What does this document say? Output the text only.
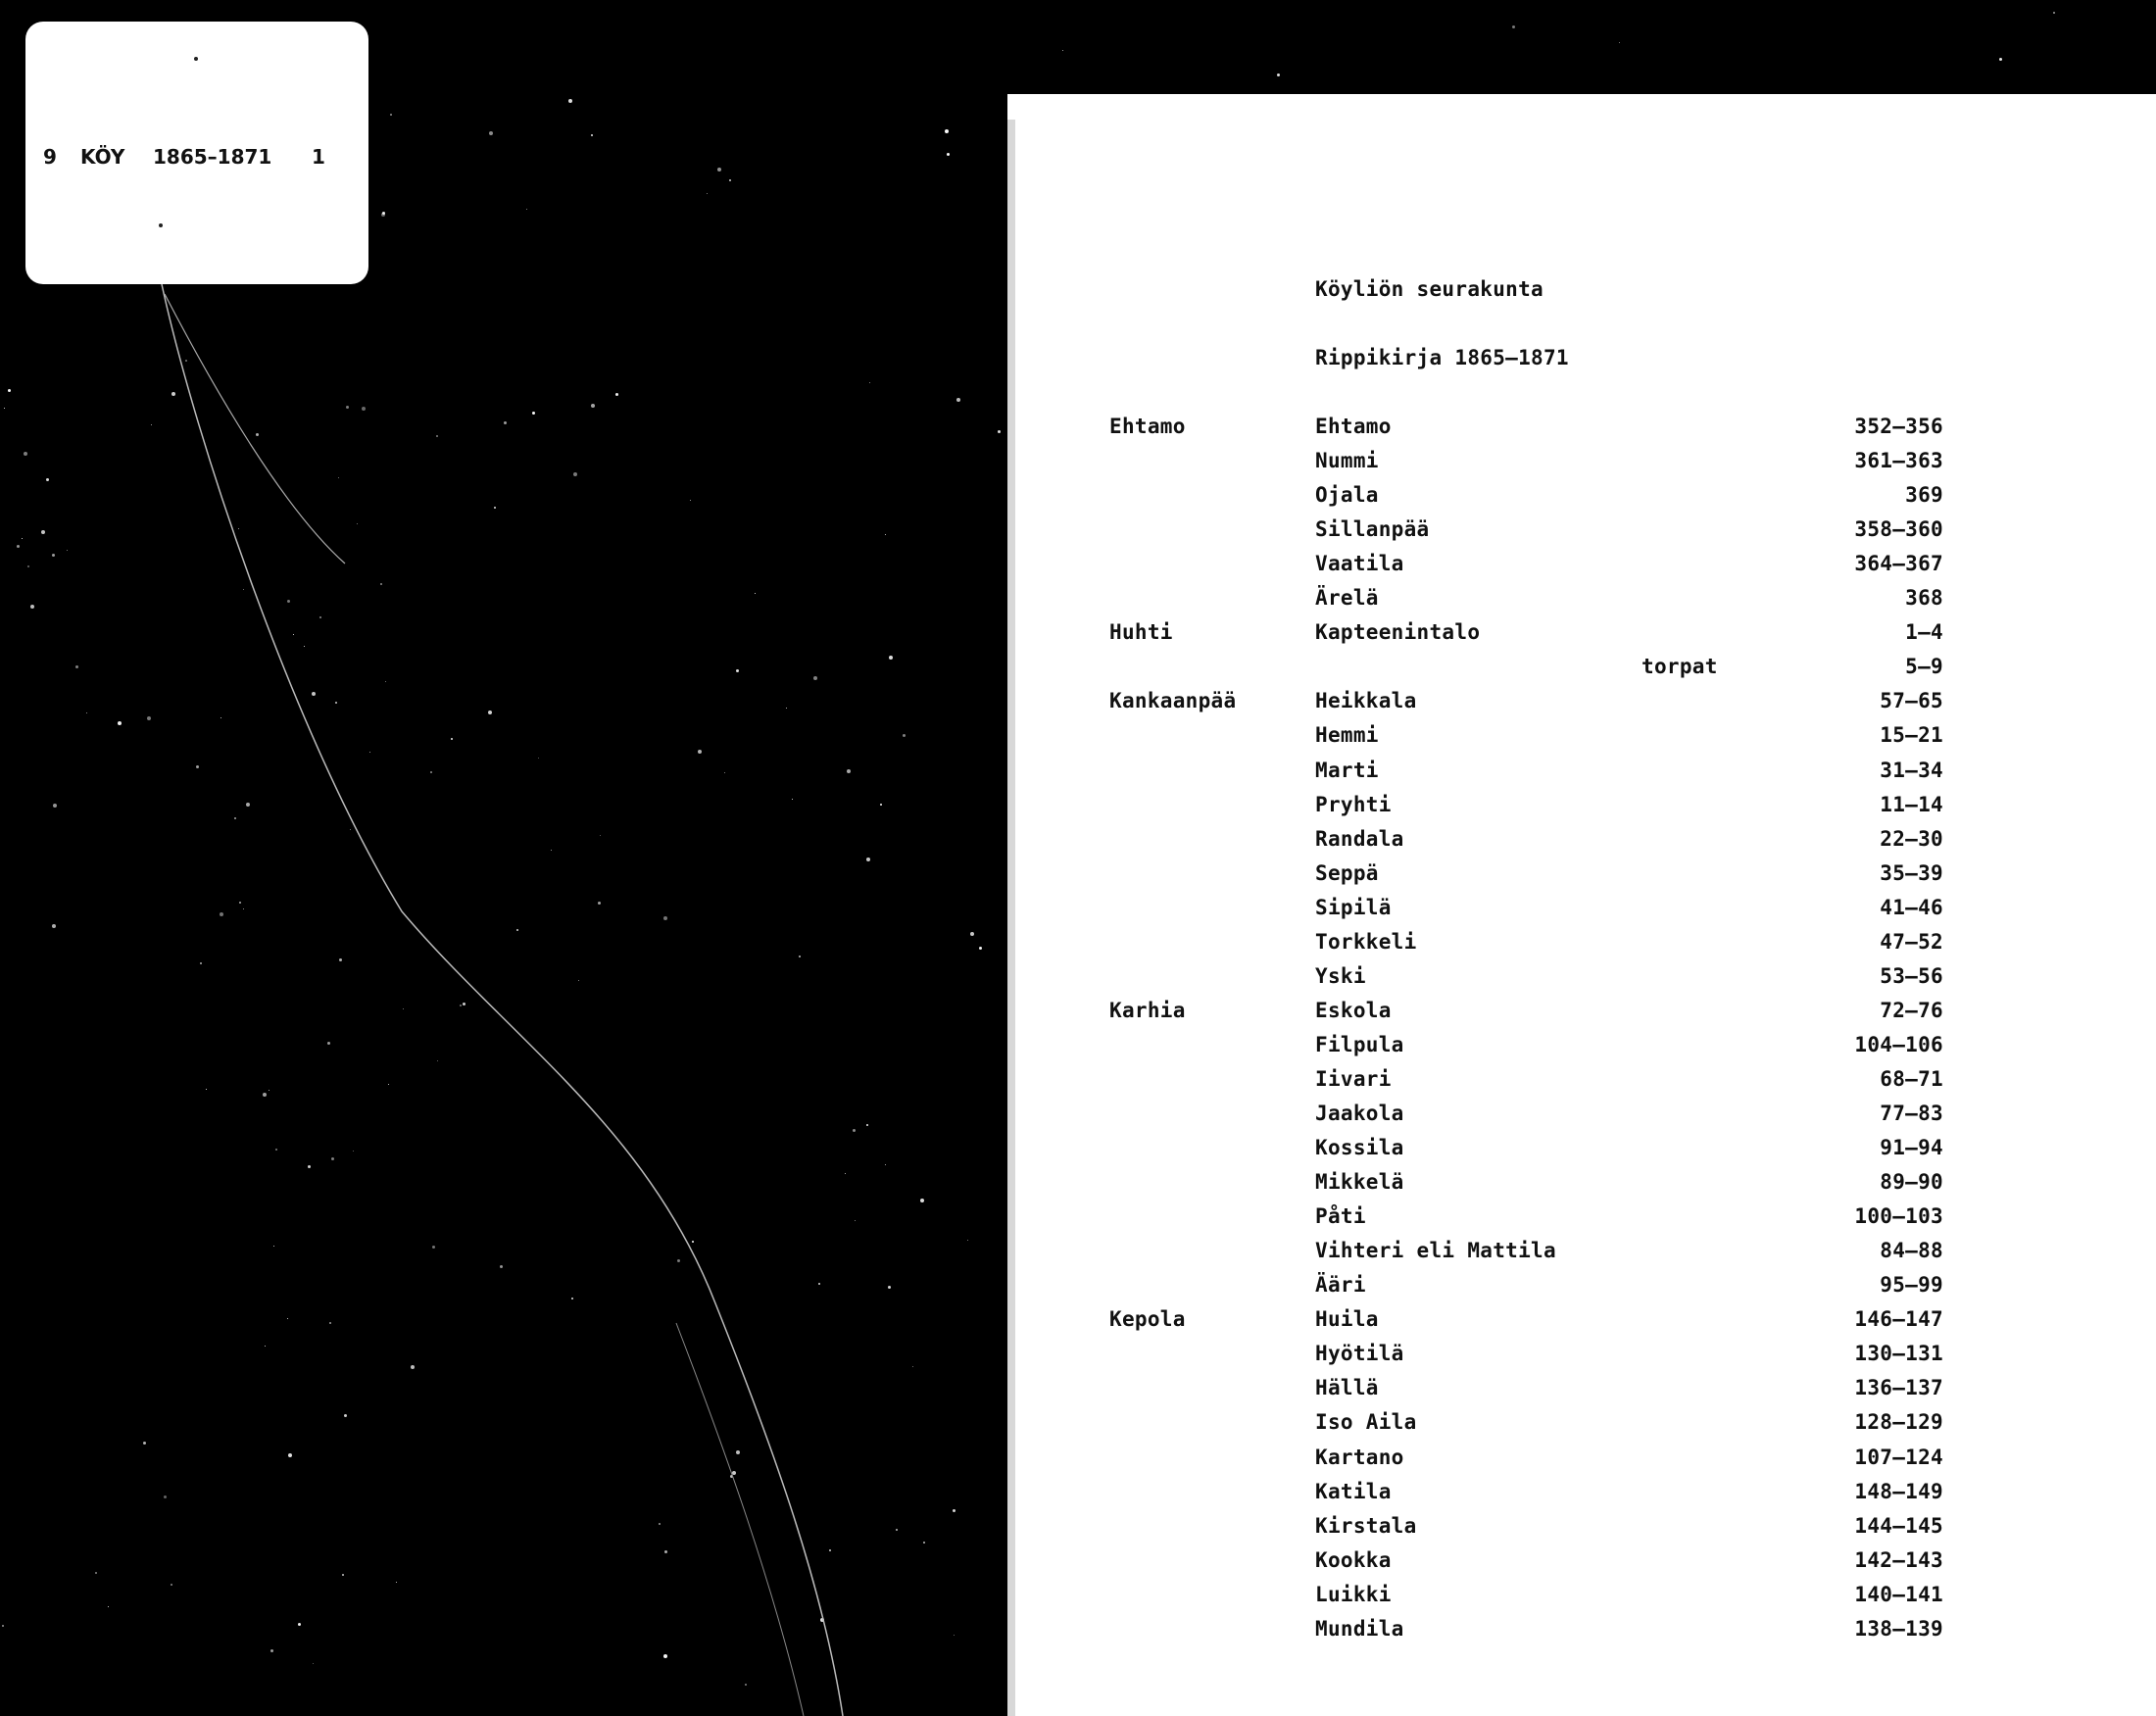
9 KÖY 1865–1871 1
Köyliön seurakunta
Rippikirja 1865–1871
Ehtamo	Ehtamo	352–356
Nummi	361–363
Ojala	369
Sillanpää	358–360
Vaatila	364–367
Ärelä	368
Huhti	Kapteenintalo	1–4
torpat	5–9
Kankaanpää	Heikkala	57–65
Hemmi	15–21
Marti	31–34
Pryhti	11–14
Randala	22–30
Seppä	35–39
Sipilä	41–46
Torkkeli	47–52
Yski	53–56
Karhia	Eskola	72–76
Filpula	104–106
Iivari	68–71
Jaakola	77–83
Kossila	91–94
Mikkelä	89–90
Påti	100–103
Vihteri eli Mattila	84–88
Ääri	95–99
Kepola	Huila	146–147
Hyötilä	130–131
Hällä	136–137
Iso Aila	128–129
Kartano	107–124
Katila	148–149
Kirstala	144–145
Kookka	142–143
Luikki	140–141
Mundila	138–139
